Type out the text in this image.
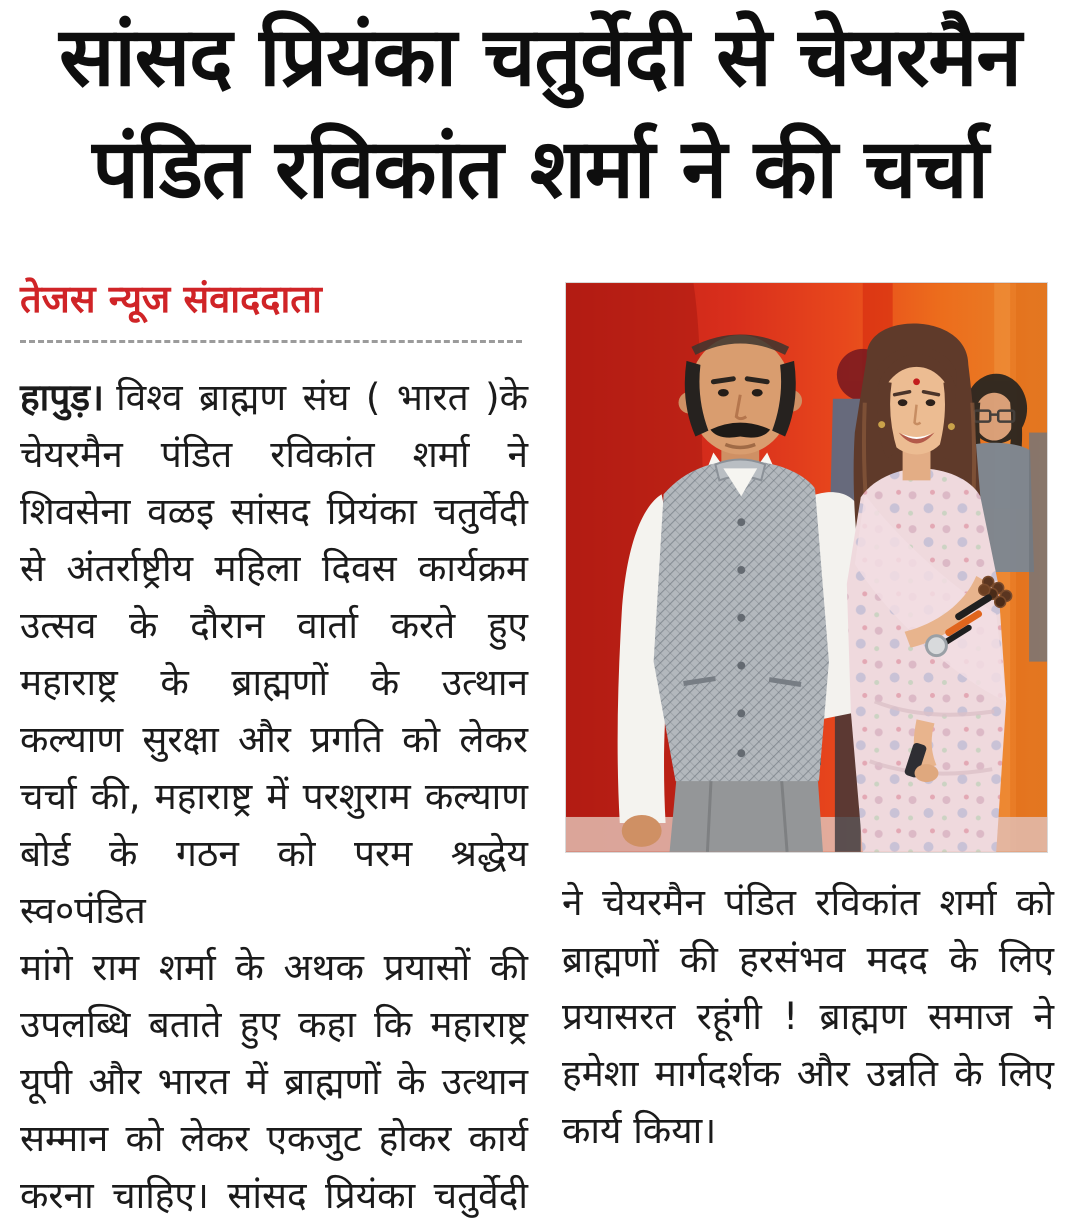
सांसद प्रियंका चतुर्वेदी से चेयरमैन
पंडित रविकांत शर्मा ने की चर्चा
तेजस न्यूज संवाददाता
हापुड़। विश्व ब्राह्मण संघ ( भारत )के
चेयरमैन पंडित रविकांत शर्मा ने
शिवसेना वळइ सांसद प्रियंका चतुर्वेदी
से अंतर्राष्ट्रीय महिला दिवस कार्यक्रम
उत्सव के दौरान वार्ता करते हुए
महाराष्ट्र के ब्राह्मणों के उत्थान
कल्याण सुरक्षा और प्रगति को लेकर
चर्चा की, महाराष्ट्र में परशुराम कल्याण
बोर्ड के गठन को परम श्रद्धेय स्व०पंडित
मांगे राम शर्मा के अथक प्रयासों की
उपलब्धि बताते हुए कहा कि महाराष्ट्र
यूपी और भारत में ब्राह्मणों के उत्थान
सम्मान को लेकर एकजुट होकर कार्य
करना चाहिए। सांसद प्रियंका चतुर्वेदी
ने चेयरमैन पंडित रविकांत शर्मा को
ब्राह्मणों की हरसंभव मदद के लिए
प्रयासरत रहूंगी ! ब्राह्मण समाज ने
हमेशा मार्गदर्शक और उन्नति के लिए
कार्य किया।
